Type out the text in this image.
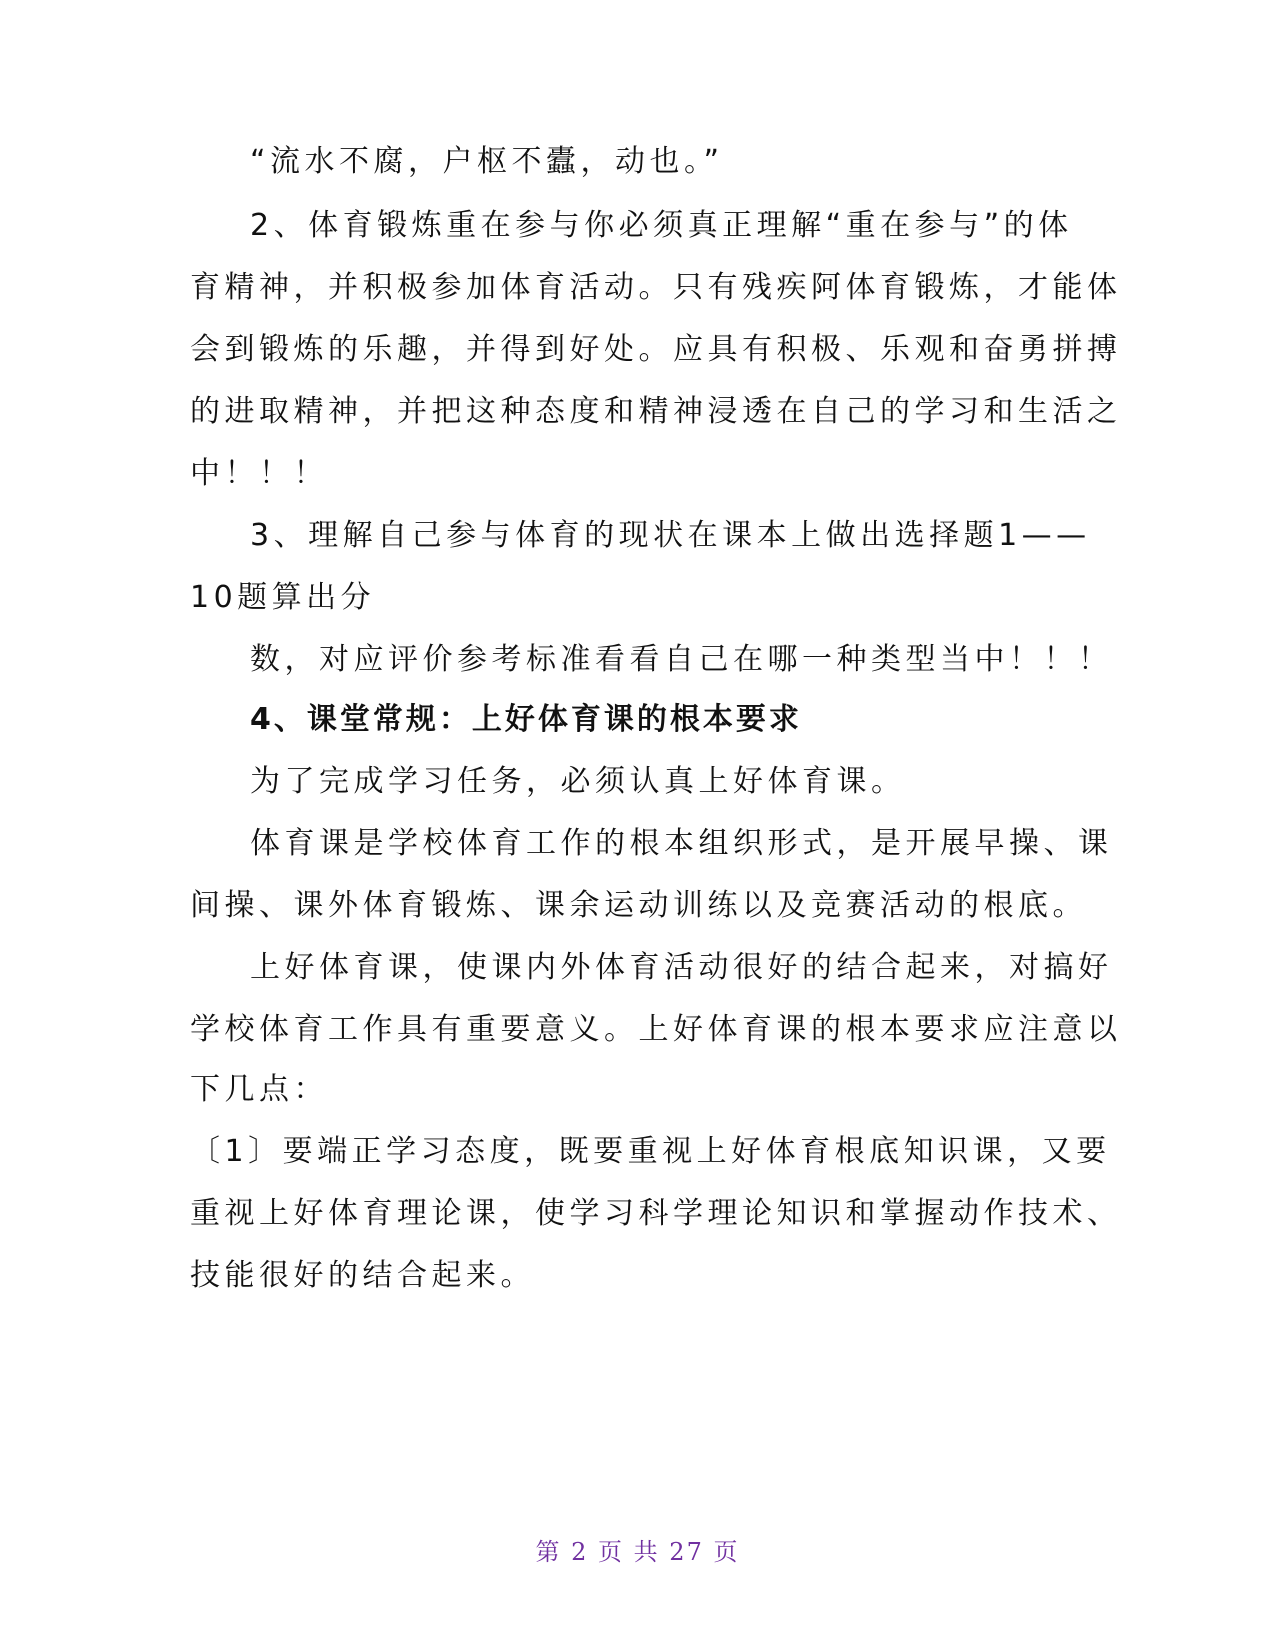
“流水不腐，户枢不蠹，动也。”
2、体育锻炼重在参与你必须真正理解“重在参与”的体
育精神，并积极参加体育活动。只有残疾阿体育锻炼，才能体
会到锻炼的乐趣，并得到好处。应具有积极、乐观和奋勇拼搏
的进取精神，并把这种态度和精神浸透在自己的学习和生活之
中！！！
3、理解自己参与体育的现状在课本上做出选择题1——
10题算出分
数，对应评价参考标准看看自己在哪一种类型当中！！！
4、课堂常规：上好体育课的根本要求
为了完成学习任务，必须认真上好体育课。
体育课是学校体育工作的根本组织形式，是开展早操、课
间操、课外体育锻炼、课余运动训练以及竞赛活动的根底。
上好体育课，使课内外体育活动很好的结合起来，对搞好
学校体育工作具有重要意义。上好体育课的根本要求应注意以
下几点：
〔1〕要端正学习态度，既要重视上好体育根底知识课，又要
重视上好体育理论课，使学习科学理论知识和掌握动作技术、
技能很好的结合起来。
第 2 页 共 27 页
